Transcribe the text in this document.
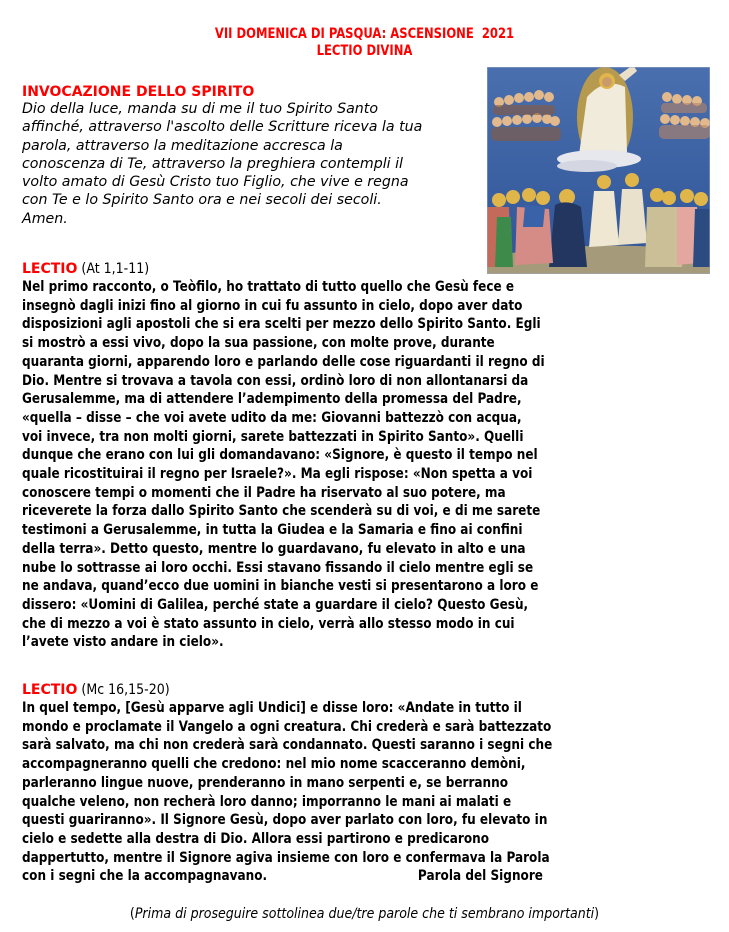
VII DOMENICA DI PASQUA: ASCENSIONE  2021
LECTIO DIVINA
INVOCAZIONE DELLO SPIRITO
Dio della luce, manda su di me il tuo Spirito Santo
affinché, attraverso l'ascolto delle Scritture riceva la tua
parola, attraverso la meditazione accresca la
conoscenza di Te, attraverso la preghiera contempli il
volto amato di Gesù Cristo tuo Figlio, che vive e regna
con Te e lo Spirito Santo ora e nei secoli dei secoli.
Amen.
LECTIO (At 1,1-11)
Nel primo racconto, o Teòfilo, ho trattato di tutto quello che Gesù fece e
insegnò dagli inizi fino al giorno in cui fu assunto in cielo, dopo aver dato
disposizioni agli apostoli che si era scelti per mezzo dello Spirito Santo. Egli
si mostrò a essi vivo, dopo la sua passione, con molte prove, durante
quaranta giorni, apparendo loro e parlando delle cose riguardanti il regno di
Dio. Mentre si trovava a tavola con essi, ordinò loro di non allontanarsi da
Gerusalemme, ma di attendere l’adempimento della promessa del Padre,
«quella – disse – che voi avete udito da me: Giovanni battezzò con acqua,
voi invece, tra non molti giorni, sarete battezzati in Spirito Santo». Quelli
dunque che erano con lui gli domandavano: «Signore, è questo il tempo nel
quale ricostituirai il regno per Israele?». Ma egli rispose: «Non spetta a voi
conoscere tempi o momenti che il Padre ha riservato al suo potere, ma
riceverete la forza dallo Spirito Santo che scenderà su di voi, e di me sarete
testimoni a Gerusalemme, in tutta la Giudea e la Samaria e fino ai confini
della terra». Detto questo, mentre lo guardavano, fu elevato in alto e una
nube lo sottrasse ai loro occhi. Essi stavano fissando il cielo mentre egli se
ne andava, quand’ecco due uomini in bianche vesti si presentarono a loro e
dissero: «Uomini di Galilea, perché state a guardare il cielo? Questo Gesù,
che di mezzo a voi è stato assunto in cielo, verrà allo stesso modo in cui
l’avete visto andare in cielo».
LECTIO (Mc 16,15-20)
In quel tempo, [Gesù apparve agli Undici] e disse loro: «Andate in tutto il
mondo e proclamate il Vangelo a ogni creatura. Chi crederà e sarà battezzato
sarà salvato, ma chi non crederà sarà condannato. Questi saranno i segni che
accompagneranno quelli che credono: nel mio nome scacceranno demòni,
parleranno lingue nuove, prenderanno in mano serpenti e, se berranno
qualche veleno, non recherà loro danno; imporranno le mani ai malati e
questi guariranno». Il Signore Gesù, dopo aver parlato con loro, fu elevato in
cielo e sedette alla destra di Dio. Allora essi partirono e predicarono
dappertutto, mentre il Signore agiva insieme con loro e confermava la Parola
con i segni che la accompagnavano.	Parola del Signore
(Prima di proseguire sottolinea due/tre parole che ti sembrano importanti)
